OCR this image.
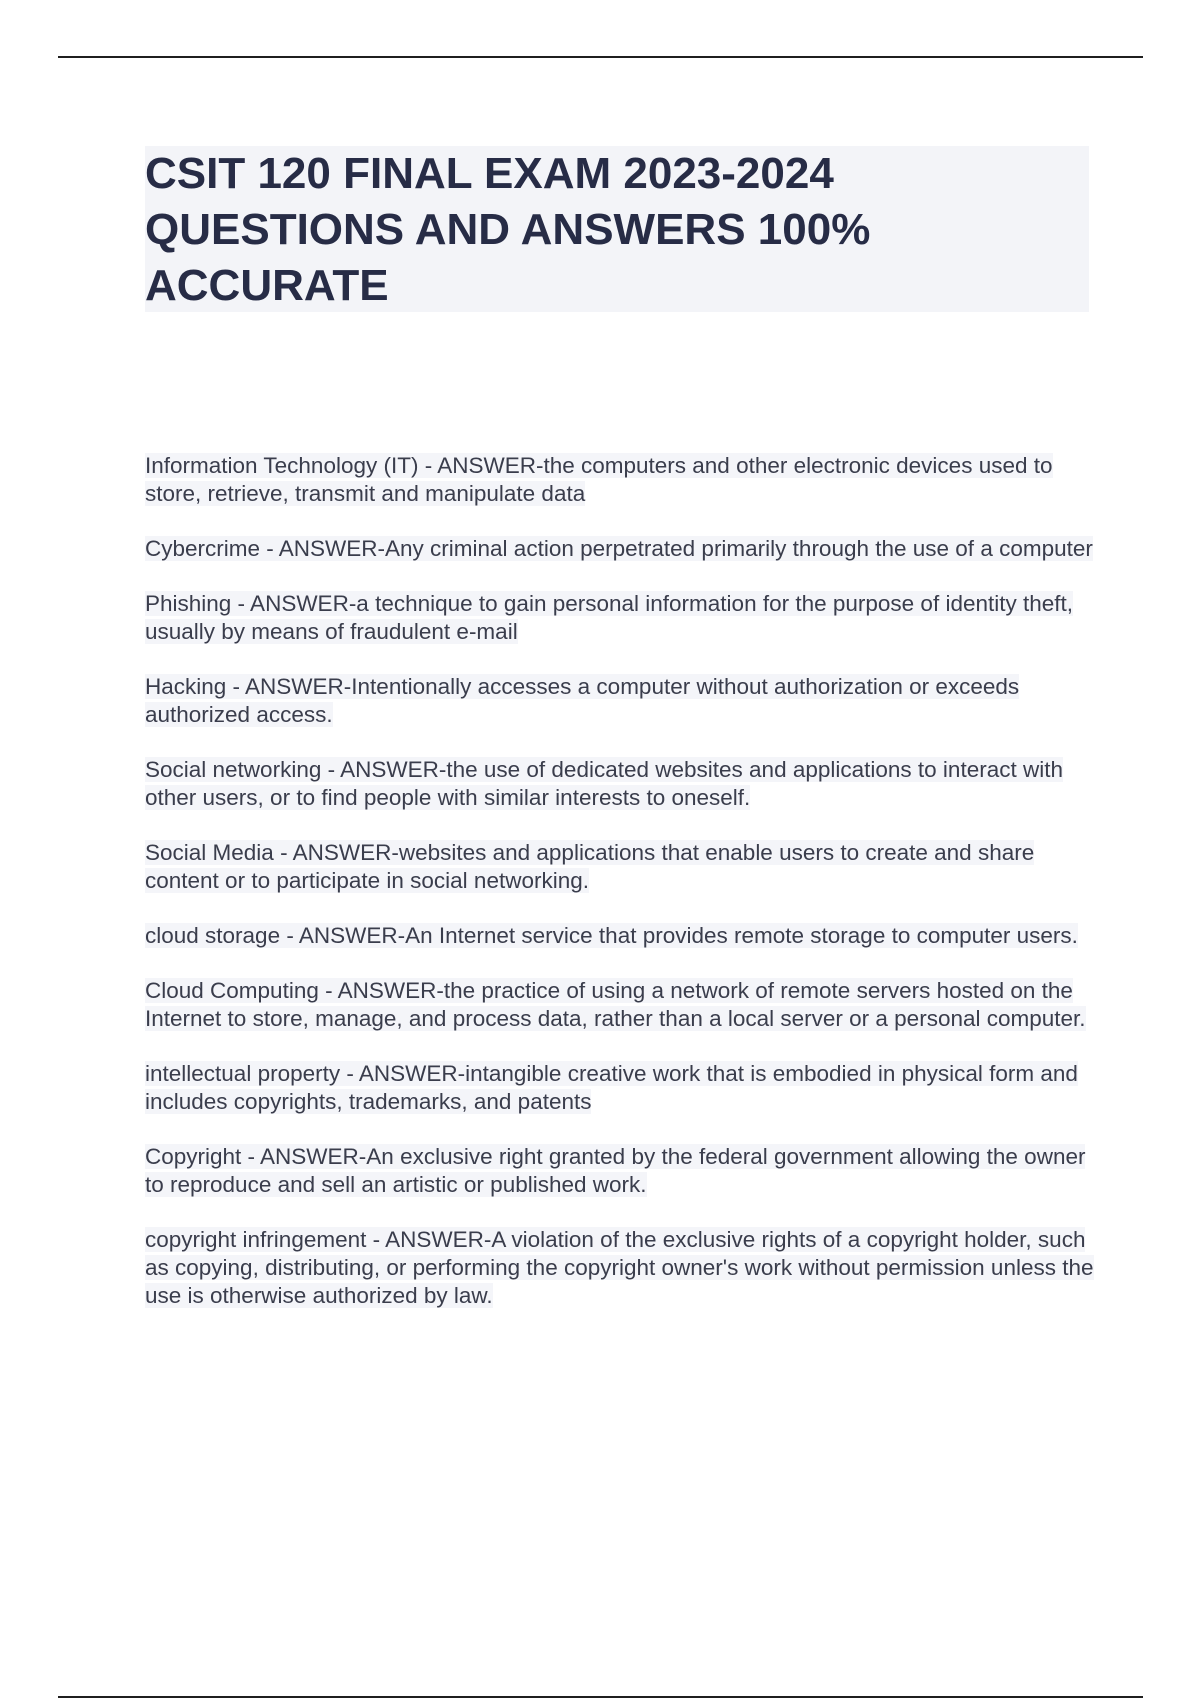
CSIT 120 FINAL EXAM 2023-2024 QUESTIONS AND ANSWERS 100% ACCURATE
Information Technology (IT) - ANSWER-the computers and other electronic devices used to store, retrieve, transmit and manipulate data
Cybercrime - ANSWER-Any criminal action perpetrated primarily through the use of a computer
Phishing - ANSWER-a technique to gain personal information for the purpose of identity theft, usually by means of fraudulent e-mail
Hacking - ANSWER-Intentionally accesses a computer without authorization or exceeds authorized access.
Social networking - ANSWER-the use of dedicated websites and applications to interact with other users, or to find people with similar interests to oneself.
Social Media - ANSWER-websites and applications that enable users to create and share content or to participate in social networking.
cloud storage - ANSWER-An Internet service that provides remote storage to computer users.
Cloud Computing - ANSWER-the practice of using a network of remote servers hosted on the Internet to store, manage, and process data, rather than a local server or a personal computer.
intellectual property - ANSWER-intangible creative work that is embodied in physical form and includes copyrights, trademarks, and patents
Copyright - ANSWER-An exclusive right granted by the federal government allowing the owner to reproduce and sell an artistic or published work.
copyright infringement - ANSWER-A violation of the exclusive rights of a copyright holder, such as copying, distributing, or performing the copyright owner's work without permission unless the use is otherwise authorized by law.
